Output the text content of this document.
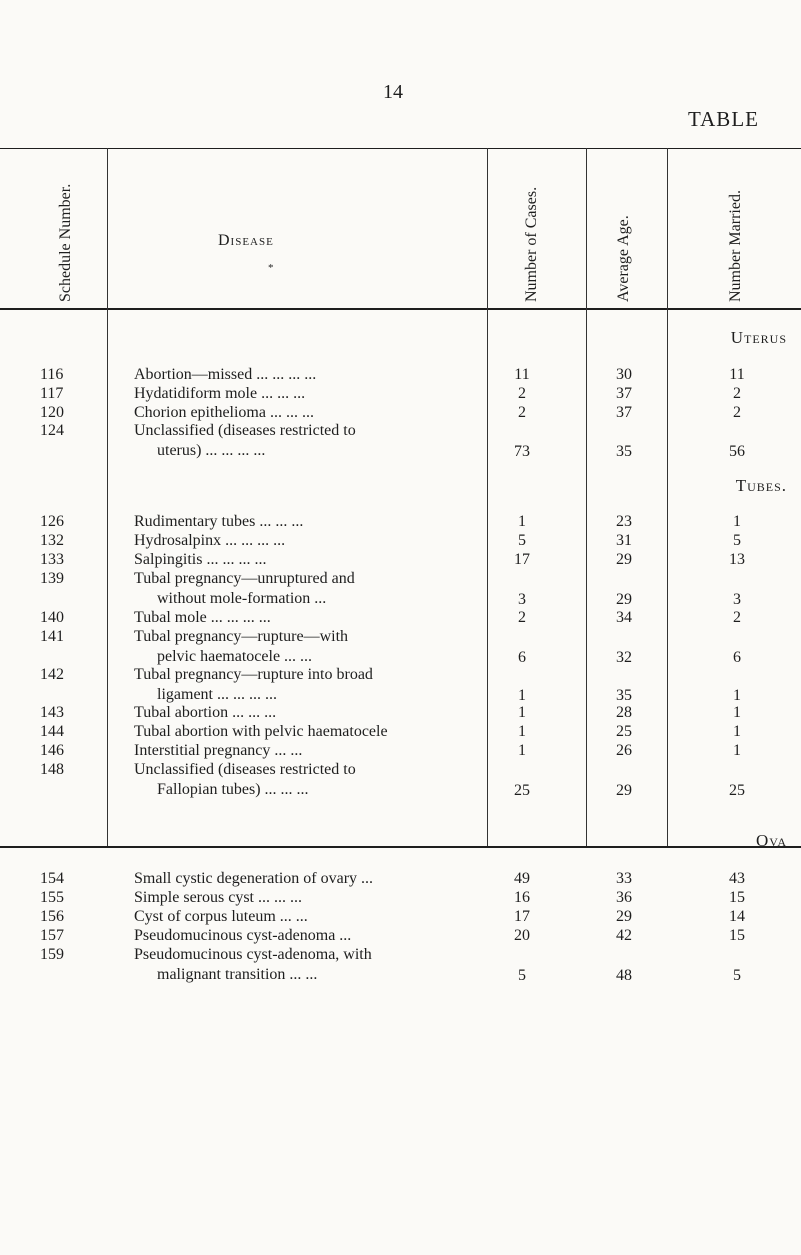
14
TABLE
Schedule Number.	Disease
*	Number of Cases.	Average Age.	Number Married.
Uterus
116	Abortion—missed ... ... ... ...	11	30	11
117	Hydatidiform mole ... ... ...	2	37	2
120	Chorion epithelioma ... ... ...	2	37	2
124	Unclassified (diseases restricted to
uterus) ... ... ... ...	73	35	56
Tubes.
126	Rudimentary tubes ... ... ...	1	23	1
132	Hydrosalpinx ... ... ... ...	5	31	5
133	Salpingitis ... ... ... ...	17	29	13
139	Tubal pregnancy—unruptured and
without mole-formation ...	3	29	3
140	Tubal mole ... ... ... ...	2	34	2
141	Tubal pregnancy—rupture—with
pelvic haematocele ... ...	6	32	6
142	Tubal pregnancy—rupture into broad
ligament ... ... ... ...	1	35	1
143	Tubal abortion ... ... ...	1	28	1
144	Tubal abortion with pelvic haematocele	1	25	1
146	Interstitial pregnancy ... ...	1	26	1
148	Unclassified (diseases restricted to
Fallopian tubes) ... ... ...	25	29	25
Ova
154	Small cystic degeneration of ovary ...	49	33	43
155	Simple serous cyst ... ... ...	16	36	15
156	Cyst of corpus luteum ... ...	17	29	14
157	Pseudomucinous cyst-adenoma ...	20	42	15
159	Pseudomucinous cyst-adenoma, with
malignant transition ... ...	5	48	5
